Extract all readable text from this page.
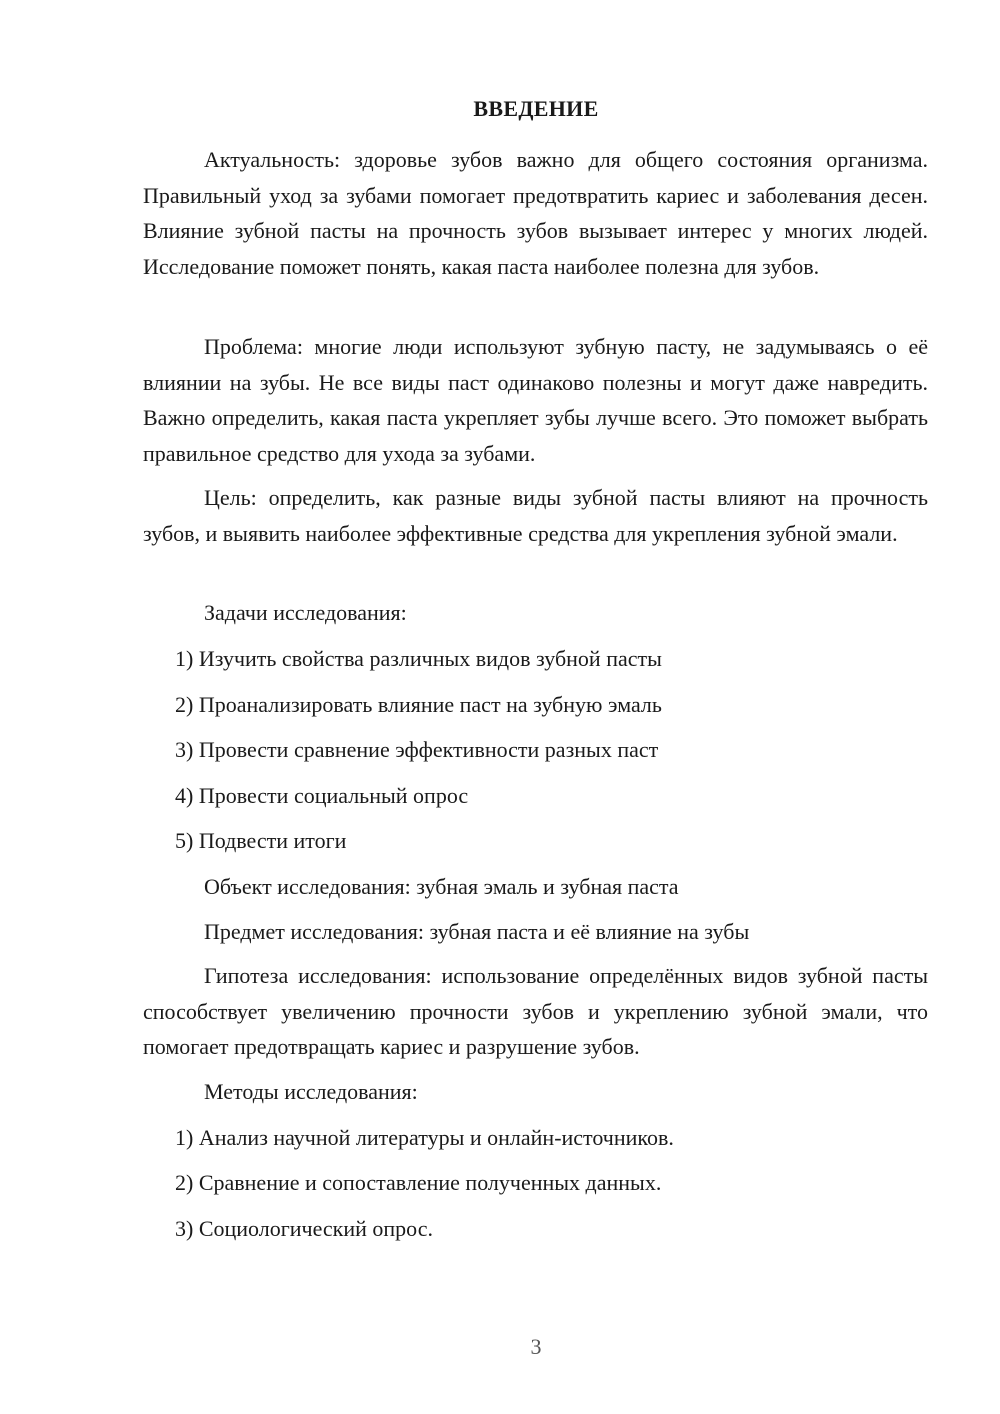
ВВЕДЕНИЕ

Актуальность: здоровье зубов важно для общего состояния организма. Правильный уход за зубами помогает предотвратить кариес и заболевания десен. Влияние зубной пасты на прочность зубов вызывает интерес у многих людей. Исследование поможет понять, какая паста наиболее полезна для зубов.

Проблема: многие люди используют зубную пасту, не задумываясь о её влиянии на зубы. Не все виды паст одинаково полезны и могут даже навредить. Важно определить, какая паста укрепляет зубы лучше всего. Это поможет выбрать правильное средство для ухода за зубами.

Цель: определить, как разные виды зубной пасты влияют на прочность зубов, и выявить наиболее эффективные средства для укрепления зубной эмали.

Задачи исследования:

1) Изучить свойства различных видов зубной пасты

2) Проанализировать влияние паст на зубную эмаль

3) Провести сравнение эффективности разных паст

4) Провести социальный опрос

5) Подвести итоги

Объект исследования: зубная эмаль и зубная паста

Предмет исследования: зубная паста и её влияние на зубы

Гипотеза исследования: использование определённых видов зубной пасты способствует увеличению прочности зубов и укреплению зубной эмали, что помогает предотвращать кариес и разрушение зубов.

Методы исследования:

1) Анализ научной литературы и онлайн-источников.

2) Сравнение и сопоставление полученных данных.

3) Социологический опрос.

3
